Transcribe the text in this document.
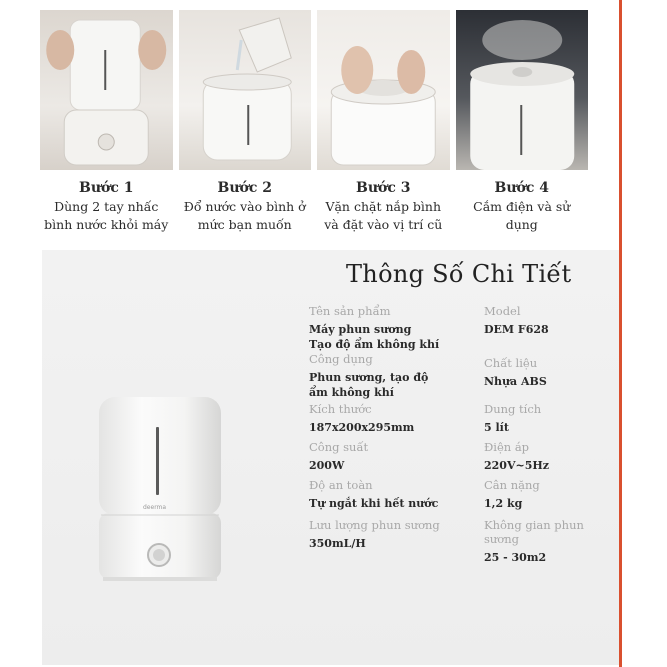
Bước 1
Dùng 2 tay nhấc
bình nước khỏi máy
Bước 2
Đổ nước vào bình ở
mức bạn muốn
Bước 3
Vặn chặt nắp bình
và đặt vào vị trí cũ
Bước 4
Cắm điện và sử
dụng
Thông Số Chi Tiết
deerma
Tên sản phẩm
Máy phun sương
Tạo độ ẩm không khí
Model
DEM F628
Công dụng
Phun sương, tạo độ
ẩm không khí
Chất liệu
Nhựa ABS
Kích thước
187x200x295mm
Dung tích
5 lít
Công suất
200W
Điện áp
220V~5Hz
Độ an toàn
Tự ngắt khi hết nước
Cân nặng
1,2 kg
Lưu lượng phun sương
350mL/H
Không gian phun sương
25 - 30m2
